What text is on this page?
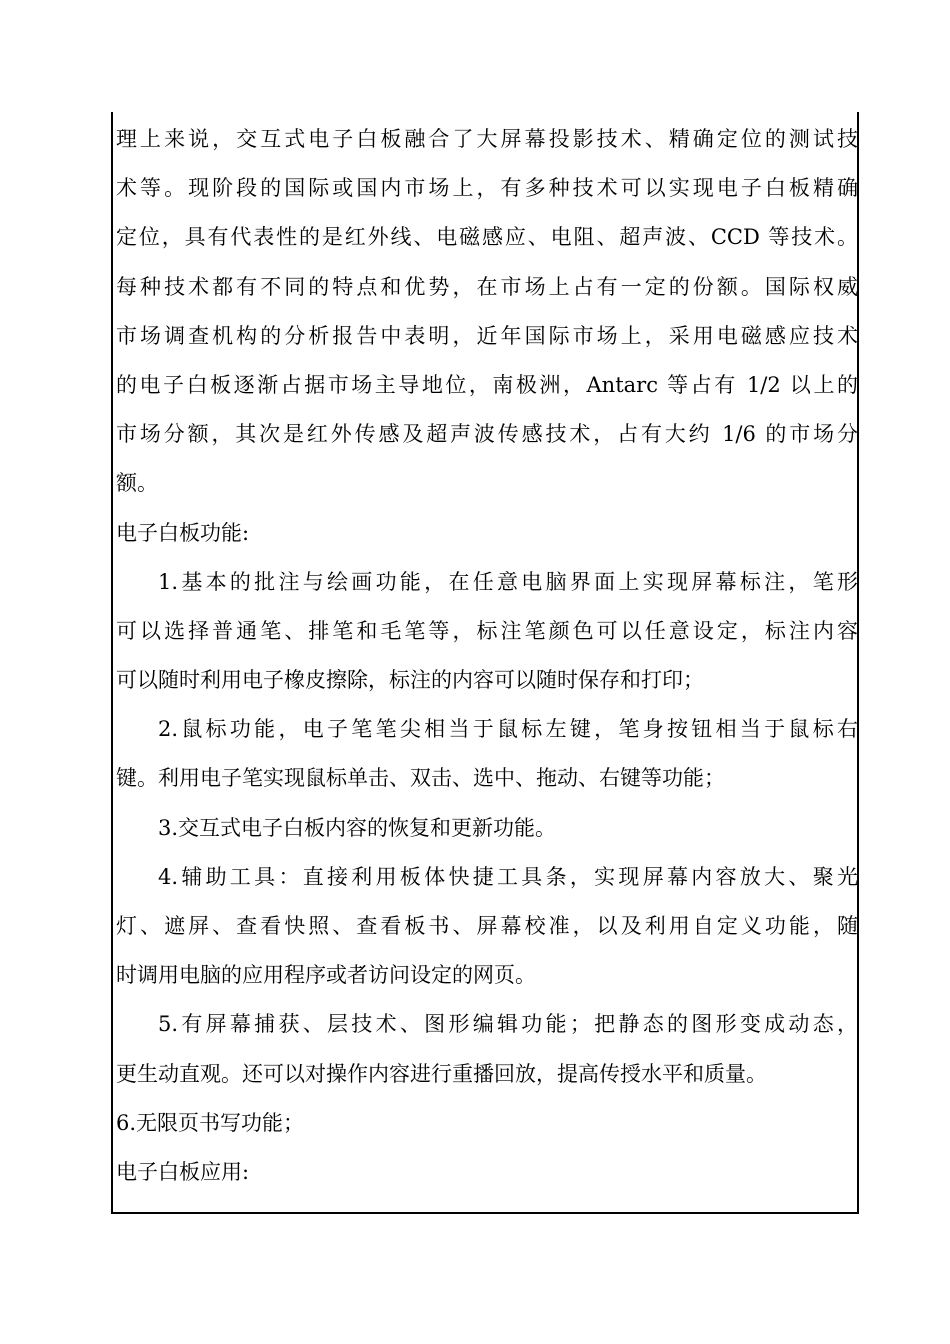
理上来说，交互式电子白板融合了大屏幕投影技术、精确定位的测试技
术等。现阶段的国际或国内市场上，有多种技术可以实现电子白板精确
定位，具有代表性的是红外线、电磁感应、电阻、超声波、CCD 等技术。
每种技术都有不同的特点和优势，在市场上占有一定的份额。国际权威
市场调查机构的分析报告中表明，近年国际市场上，采用电磁感应技术
的电子白板逐渐占据市场主导地位，南极洲，Antarc 等占有 1/2 以上的
市场分额，其次是红外传感及超声波传感技术，占有大约 1/6 的市场分
额。
电子白板功能:
1.基本的批注与绘画功能，在任意电脑界面上实现屏幕标注，笔形
可以选择普通笔、排笔和毛笔等，标注笔颜色可以任意设定，标注内容
可以随时利用电子橡皮擦除，标注的内容可以随时保存和打印；
2.鼠标功能，电子笔笔尖相当于鼠标左键，笔身按钮相当于鼠标右
键。利用电子笔实现鼠标单击、双击、选中、拖动、右键等功能；
3.交互式电子白板内容的恢复和更新功能。
4.辅助工具：直接利用板体快捷工具条，实现屏幕内容放大、聚光
灯、遮屏、查看快照、查看板书、屏幕校准，以及利用自定义功能，随
时调用电脑的应用程序或者访问设定的网页。
5.有屏幕捕获、层技术、图形编辑功能；把静态的图形变成动态，
更生动直观。还可以对操作内容进行重播回放，提高传授水平和质量。
6.无限页书写功能；
电子白板应用:
